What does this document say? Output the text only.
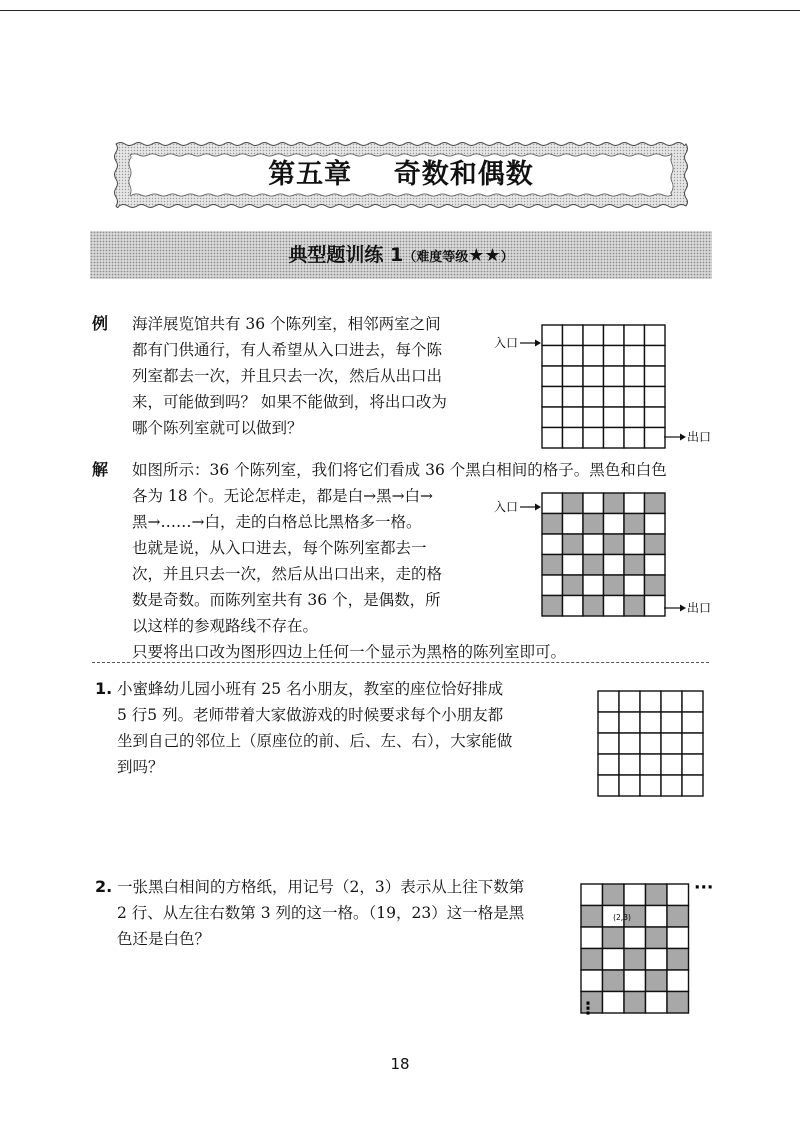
第五章    奇数和偶数
典型题训练 1（难度等级★★）
例 海洋展览馆共有 36 个陈列室，相邻两室之间
都有门供通行，有人希望从入口进去，每个陈
列室都去一次，并且只去一次，然后从出口出
来，可能做到吗？ 如果不能做到，将出口改为
哪个陈列室就可以做到？
入口
出口
解 如图所示：36 个陈列室，我们将它们看成 36 个黑白相间的格子。黑色和白色
各为 18 个。无论怎样走，都是白→黑→白→
黑→……→白，走的白格总比黑格多一格。
也就是说，从入口进去，每个陈列室都去一
次，并且只去一次，然后从出口出来，走的格
数是奇数。而陈列室共有 36 个，是偶数，所
以这样的参观路线不存在。
只要将出口改为图形四边上任何一个显示为黑格的陈列室即可。
入口
出口
1. 小蜜蜂幼儿园小班有 25 名小朋友，教室的座位恰好排成
5 行5 列。老师带着大家做游戏的时候要求每个小朋友都
坐到自己的邻位上（原座位的前、后、左、右），大家能做
到吗？
2. 一张黑白相间的方格纸，用记号（2，3）表示从上往下数第
2 行、从左往右数第 3 列的这一格。（19，23）这一格是黑
色还是白色？
(2,3)
···
⋮
18
